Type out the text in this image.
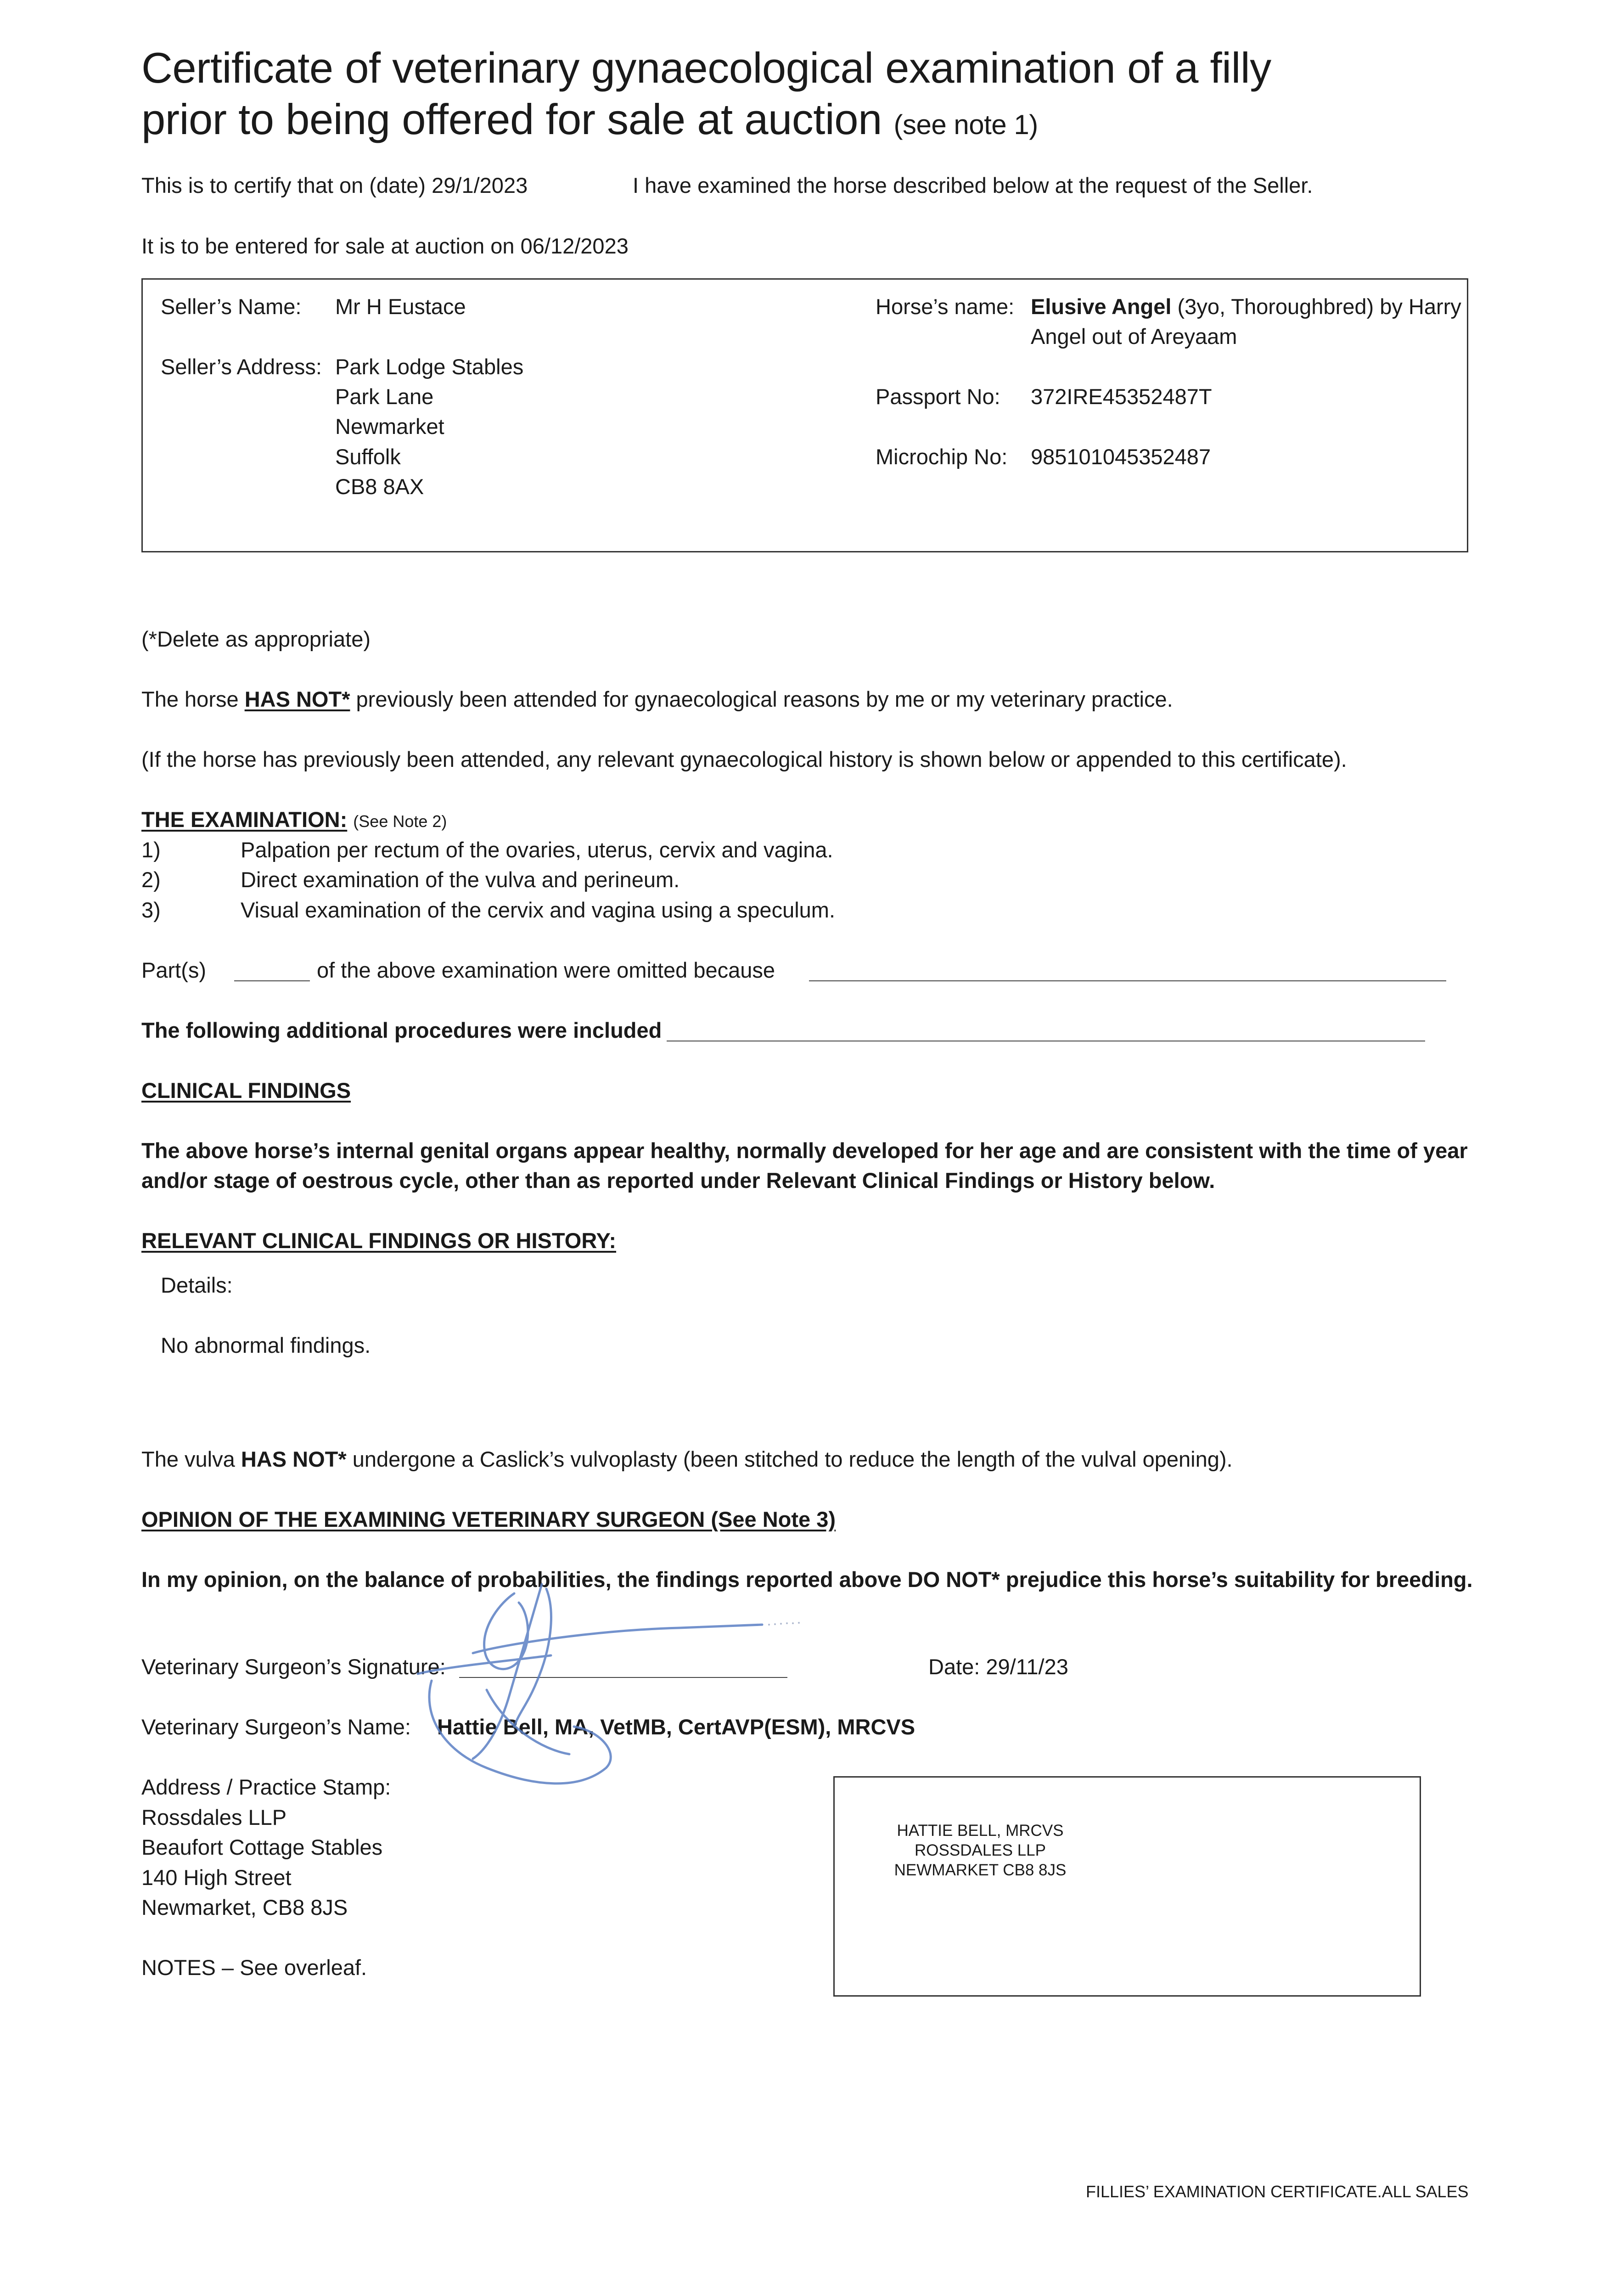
Certificate of veterinary gynaecological examination of a filly
prior to being offered for sale at auction (see note 1)
This is to certify that on (date) 29/1/2023	I have examined the horse described below at the request of the Seller.
It is to be entered for sale at auction on 06/12/2023
Seller’s Name: Mr H Eustace
Seller’s Address: Park Lodge Stables
Park Lane
Newmarket
Suffolk
CB8 8AX
Horse’s name: Elusive Angel (3yo, Thoroughbred) by Harry
Angel out of Areyaam
Passport No: 372IRE45352487T
Microchip No: 985101045352487
(*Delete as appropriate)
The horse HAS NOT* previously been attended for gynaecological reasons by me or my veterinary practice.
(If the horse has previously been attended, any relevant gynaecological history is shown below or appended to this certificate).
THE EXAMINATION: (See Note 2)
1)	Palpation per rectum of the ovaries, uterus, cervix and vagina.
2)	Direct examination of the vulva and perineum.
3)	Visual examination of the cervix and vagina using a speculum.
Part(s)	of the above examination were omitted because
The following additional procedures were included
CLINICAL FINDINGS
The above horse’s internal genital organs appear healthy, normally developed for her age and are consistent with the time of year
and/or stage of oestrous cycle, other than as reported under Relevant Clinical Findings or History below.
RELEVANT CLINICAL FINDINGS OR HISTORY:
Details:
No abnormal findings.
The vulva HAS NOT* undergone a Caslick’s vulvoplasty (been stitched to reduce the length of the vulval opening).
OPINION OF THE EXAMINING VETERINARY SURGEON (See Note 3)
In my opinion, on the balance of probabilities, the findings reported above DO NOT* prejudice this horse’s suitability for breeding.
Veterinary Surgeon’s Signature:	Date: 29/11/23
Veterinary Surgeon’s Name: Hattie Bell, MA, VetMB, CertAVP(ESM), MRCVS
Address / Practice Stamp:
Rossdales LLP
Beaufort Cottage Stables
140 High Street
Newmarket, CB8 8JS
NOTES – See overleaf.
HATTIE BELL, MRCVS
ROSSDALES LLP
NEWMARKET CB8 8JS
FILLIES’ EXAMINATION CERTIFICATE.ALL SALES
